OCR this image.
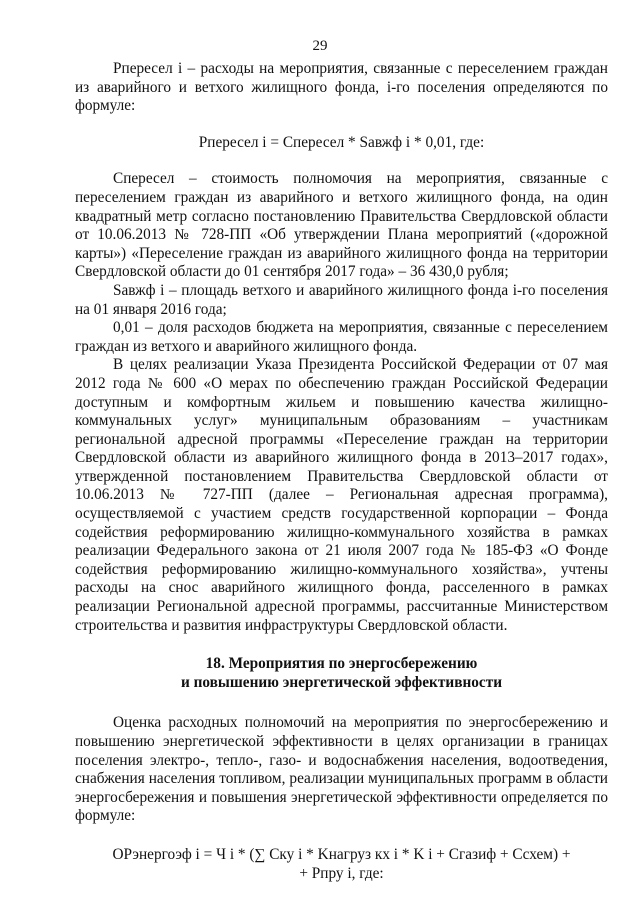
29

Рпересел i – расходы на мероприятия, связанные с переселением граждан из аварийного и ветхого жилищного фонда, i-го поселения определяются по формуле:

Рпересел i = Спересел * Sавжф i * 0,01, где:

Спересел – стоимость полномочия на мероприятия, связанные с переселением граждан из аварийного и ветхого жилищного фонда, на один квадратный метр согласно постановлению Правительства Свердловской области от 10.06.2013 № 728-ПП «Об утверждении Плана мероприятий («дорожной карты») «Переселение граждан из аварийного жилищного фонда на территории Свердловской области до 01 сентября 2017 года» – 36 430,0 рубля;

Sавжф i – площадь ветхого и аварийного жилищного фонда i-го поселения на 01 января 2016 года;

0,01 – доля расходов бюджета на мероприятия, связанные с переселением граждан из ветхого и аварийного жилищного фонда.

В целях реализации Указа Президента Российской Федерации от 07 мая 2012 года № 600 «О мерах по обеспечению граждан Российской Федерации доступным и комфортным жильем и повышению качества жилищно-коммунальных услуг» муниципальным образованиям – участникам региональной адресной программы «Переселение граждан на территории Свердловской области из аварийного жилищного фонда в 2013–2017 годах», утвержденной постановлением Правительства Свердловской области от 10.06.2013 № 727-ПП (далее – Региональная адресная программа), осуществляемой с участием средств государственной корпорации – Фонда содействия реформированию жилищно-коммунального хозяйства в рамках реализации Федерального закона от 21 июля 2007 года № 185-ФЗ «О Фонде содействия реформированию жилищно-коммунального хозяйства», учтены расходы на снос аварийного жилищного фонда, расселенного в рамках реализации Региональной адресной программы, рассчитанные Министерством строительства и развития инфраструктуры Свердловской области.

18. Мероприятия по энергосбережению
и повышению энергетической эффективности

Оценка расходных полномочий на мероприятия по энергосбережению и повышению энергетической эффективности в целях организации в границах поселения электро-, тепло-, газо- и водоснабжения населения, водоотведения, снабжения населения топливом, реализации муниципальных программ в области энергосбережения и повышения энергетической эффективности определяется по формуле:

ОРэнергоэф i = Ч i * (∑ Cку i * Kнагруз кх i * K i + Cгазиф + Cсхем) +
+ Рпру i, где:
